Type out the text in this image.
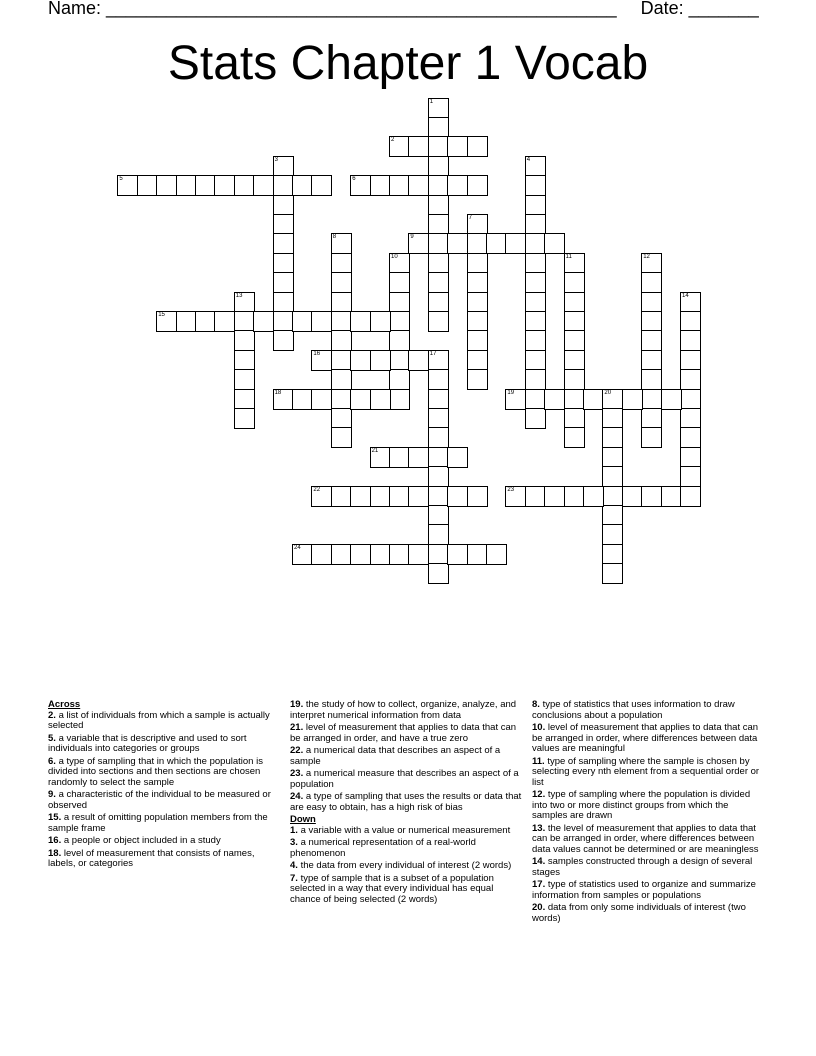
Name: ___________________________________________________ Date: _______
Stats Chapter 1 Vocab
1
2
3	4
5	6
7
8	9
10	11	12
13	14
15
16	17
18	19	20
21
22	23
24
Across
2. a list of individuals from which a sample is actually selected
5. a variable that is descriptive and used to sort individuals into categories or groups
6. a type of sampling that in which the population is divided into sections and then sections are chosen randomly to select the sample
9. a characteristic of the individual to be measured or observed
15. a result of omitting population members from the sample frame
16. a people or object included in a study
18. level of measurement that consists of names, labels, or categories
19. the study of how to collect, organize, analyze, and interpret numerical information from data
21. level of measurement that applies to data that can be arranged in order, and have a true zero
22. a numerical data that describes an aspect of a sample
23. a numerical measure that describes an aspect of a population
24. a type of sampling that uses the results or data that are easy to obtain, has a high risk of bias
Down
1. a variable with a value or numerical measurement
3. a numerical representation of a real-world phenomenon
4. the data from every individual of interest (2 words)
7. type of sample that is a subset of a population selected in a way that every individual has equal chance of being selected (2 words)
8. type of statistics that uses information to draw conclusions about a population
10. level of measurement that applies to data that can be arranged in order, where differences between data values are meaningful
11. type of sampling where the sample is chosen by selecting every nth element from a sequential order or list
12. type of sampling where the population is divided into two or more distinct groups from which the samples are drawn
13. the level of measurement that applies to data that can be arranged in order, where differences between data values cannot be determined or are meaningless
14. samples constructed through a design of several stages
17. type of statistics used to organize and summarize information from samples or populations
20. data from only some individuals of interest (two words)
